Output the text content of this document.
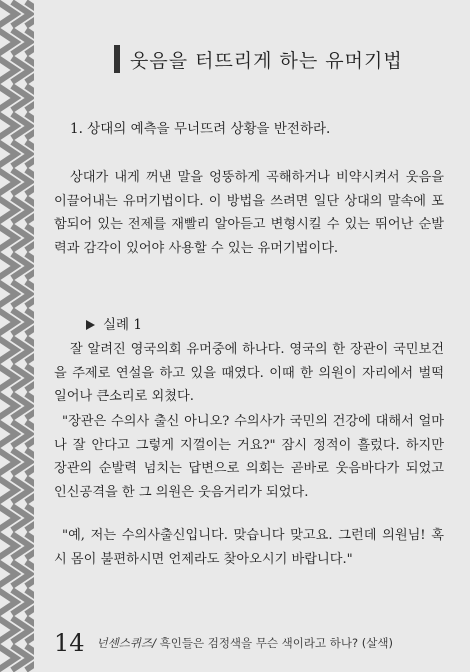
웃음을 터뜨리게 하는 유머기법
1. 상대의 예측을 무너뜨려 상황을 반전하라.

상대가 내게 꺼낸 말을 엉뚱하게 곡해하거나 비약시켜서 웃음을 이끌어내는 유머기법이다. 이 방법을 쓰려면 일단 상대의 말속에 포함되어 있는 전제를 재빨리 알아듣고 변형시킬 수 있는 뛰어난 순발력과 감각이 있어야 사용할 수 있는 유머기법이다.

실례 1

잘 알려진 영국의회 유머중에 하나다. 영국의 한 장관이 국민보건을 주제로 연설을 하고 있을 때였다. 이때 한 의원이 자리에서 벌떡 일어나 큰소리로 외쳤다.

"장관은 수의사 출신 아니오? 수의사가 국민의 건강에 대해서 얼마나 잘 안다고 그렇게 지껄이는 거요?" 잠시 정적이 흘렀다. 하지만 장관의 순발력 넘치는 답변으로 의회는 곧바로 웃음바다가 되었고 인신공격을 한 그 의원은 웃음거리가 되었다.

"예, 저는 수의사출신입니다. 맞습니다 맞고요. 그런데 의원님! 혹시 몸이 불편하시면 언제라도 찾아오시기 바랍니다."

14 넌센스퀴즈/ 흑인들은 검정색을 무슨 색이라고 하나? (살색)
